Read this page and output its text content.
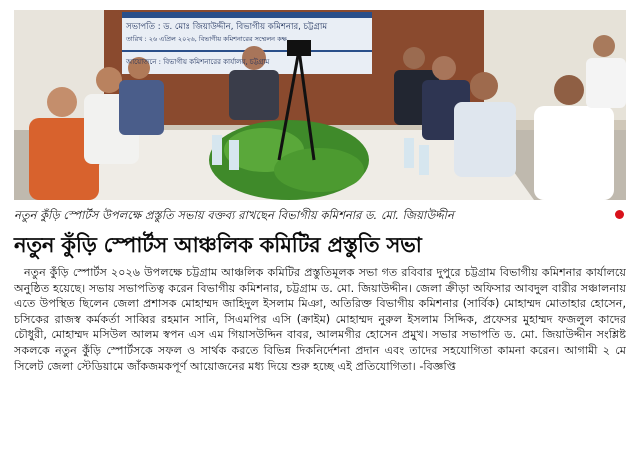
সভাপতি : ড. মোঃ জিয়াউদ্দীন, বিভাগীয় কমিশনার, চট্টগ্রাম
তারিখ : ২৬ এপ্রিল ২০২৬, বিভাগীয় কমিশনারের সম্মেলন কক্ষ
আয়োজনে : বিভাগীয় কমিশনারের কার্যালয়, চট্টগ্রাম
নতুন কুঁড়ি স্পোর্টস উপলক্ষে প্রস্তুতি সভায় বক্তব্য রাখছেন বিভাগীয় কমিশনার ড. মো. জিয়াউদ্দীন
নতুন কুঁড়ি স্পোর্টস আঞ্চলিক কমিটির প্রস্তুতি সভা
নতুন কুঁড়ি স্পোর্টস ২০২৬ উপলক্ষে চট্টগ্রাম আঞ্চলিক কমিটির প্রস্তুতিমূলক সভা গত রবিবার দুপুরে চট্টগ্রাম বিভাগীয় কমিশনার কার্যালয়ে অনুষ্ঠিত হয়েছে। সভায় সভাপতিত্ব করেন বিভাগীয় কমিশনার, চট্টগ্রাম ড. মো. জিয়াউদ্দীন। জেলা ক্রীড়া অফিসার আবদুল বারীর সঞ্চালনায় এতে উপস্থিত ছিলেন জেলা প্রশাসক মোহাম্মদ জাহিদুল ইসলাম মিঞা, অতিরিক্ত বিভাগীয় কমিশনার (সার্বিক) মোহাম্মদ মোতাহার হোসেন, চসিকের রাজস্ব কর্মকর্তা সাব্বির রহমান সানি, সিএমপির এসি (ক্রাইম) মোহাম্মদ নুরুল ইসলাম সিদ্দিক, প্রফেসর মুহাম্মদ ফজলুল কাদের চৌধুরী, মোহাম্মদ মসিউল আলম স্বপন এস এম গিয়াসউদ্দিন বাবর, আলমগীর হোসেন প্রমুখ। সভার সভাপতি ড. মো. জিয়াউদ্দীন সংশ্লিষ্ট সকলকে নতুন কুঁড়ি স্পোর্টসকে সফল ও সার্থক করতে বিভিন্ন দিকনির্দেশনা প্রদান এবং তাদের সহযোগিতা কামনা করেন। আগামী ২ মে সিলেট জেলা স্টেডিয়ামে জাঁকজমকপূর্ণ আয়োজনের মধ্য দিয়ে শুরু হচ্ছে এই প্রতিযোগিতা। -বিজ্ঞপ্তি
